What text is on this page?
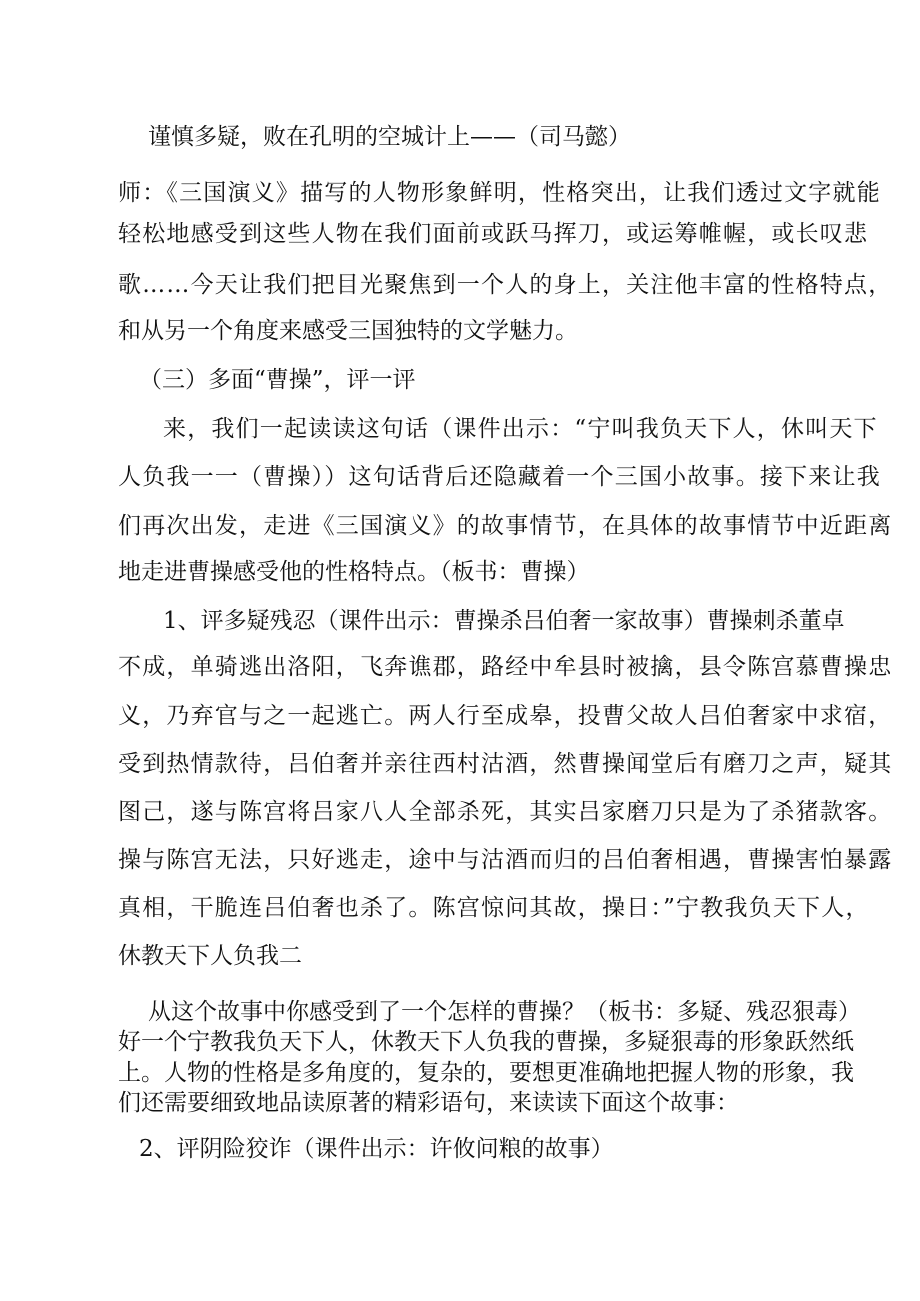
谨慎多疑，败在孔明的空城计上——（司马懿）
师：《三国演义》描写的人物形象鲜明，性格突出，让我们透过文字就能
轻松地感受到这些人物在我们面前或跃马挥刀，或运筹帷幄，或长叹悲
歌……今天让我们把目光聚焦到一个人的身上，关注他丰富的性格特点，
和从另一个角度来感受三国独特的文学魅力。
（三）多面“曹操”，评一评
来，我们一起读读这句话（课件出示：“宁叫我负天下人，休叫天下
人负我一一（曹操））这句话背后还隐藏着一个三国小故事。接下来让我
们再次出发，走进《三国演义》的故事情节，在具体的故事情节中近距离
地走进曹操感受他的性格特点。（板书：曹操）
1、评多疑残忍（课件出示：曹操杀吕伯奢一家故事）曹操刺杀董卓
不成，单骑逃出洛阳，飞奔谯郡，路经中牟县时被擒，县令陈宫慕曹操忠
义，乃弃官与之一起逃亡。两人行至成皋，投曹父故人吕伯奢家中求宿，
受到热情款待，吕伯奢并亲往西村沽酒，然曹操闻堂后有磨刀之声，疑其
图己，遂与陈宫将吕家八人全部杀死，其实吕家磨刀只是为了杀猪款客。
操与陈宫无法，只好逃走，途中与沽酒而归的吕伯奢相遇，曹操害怕暴露
真相，干脆连吕伯奢也杀了。陈宫惊问其故，操日：”宁教我负天下人，
休教天下人负我二
从这个故事中你感受到了一个怎样的曹操？（板书：多疑、残忍狠毒）
好一个宁教我负天下人，休教天下人负我的曹操，多疑狠毒的形象跃然纸
上。人物的性格是多角度的，复杂的，要想更准确地把握人物的形象，我
们还需要细致地品读原著的精彩语句，来读读下面这个故事：
2、评阴险狡诈（课件出示：许攸问粮的故事）
